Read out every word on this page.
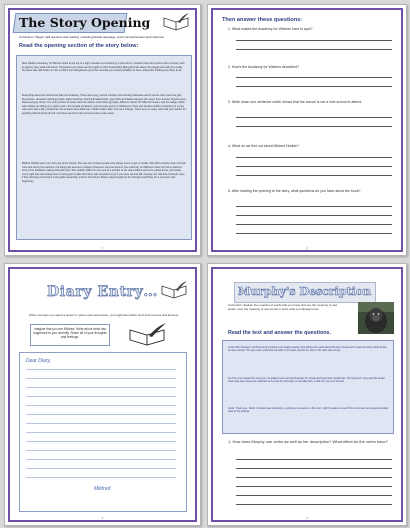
The Story Opening
Curriculum: Target: skill question and reading, including literate language, texts comprehension and inference.
Read the opening section of the story below:
Miss Cackle's Academy for Witches stood at the top of a high mountain surrounded by a pine forest. It looked more like a prison than a school, with its gloomy grey walls and turrets. Sometimes you could see the pupils on their broomsticks flitting like bats above the playground wall, but usually the place was half hidden in mist so that if you had glanced up at the mountain you would probably not have noticed the building was there at all.
Everything about the school was dark and shadowy. There were long, narrow corridors and winding staircases and of course there were the girls themselves, dressed in black gymslips, black stockings, black hobnailed boots, grey shirts and black-and-grey ties. Even their summer dresses were black-and-grey check. The only touches of colour were the sashes round their gymslips, different colours for different houses, and the badge, which was a black cat sitting on a yellow moon. For special occasions, such as prize-giving or Hallowe'en, there was another uniform consisting of a long robe worn with a tall, pointed hat, but as these were black too, it didn't really make much of a change. There were so many rules that you couldn't do anything without being told off, and there seemed to be test and exams every week.
Mildred Hubble was in her first year at the school. She was one of those people who always seem to get in trouble. She didn't exactly mean to break rules and annoy the teachers, but things just seemed to happen whenever she was around. You could rely on Mildred to have her hat on back-to-front or her bootlaces trailing along the floor. She couldn't walk from one end of a corridor to the other without someone yelling at her, and nearly every night she was writing lines or being kept in after their there was anywhere to go if you were sat and still. Anyway, she had lots of friends, even if they did keep themselves in the gallon assembly, and her best friend, Maud, stayed loyally by her through everything, for a new term was beginning.
1
Then answer these questions:
1. What makes the Academy for Witches hard to spot?
2. How's the Academy for Witches described?
3. Write down one sentence which shows that the school is not a nice school to attend.
4. What do we find out about Mildred Hubble?
5. After reading the opening to the story, what questions do you have about the book?
2
Diary Entry…
When we have you spent a lesson in green and new lesson, you might feel rather tired and nervous and anxious.
Imagine that you are Mildred. Write about what has happened to you recently. Share all of your thoughts and feelings.
Dear Diary,
Mildred
3
Murphy's Description
Curriculum: Explain the meaning of words that you know and use the meaning of new words. Give the meaning of new words or work what you already know.
Read the text and answer the questions.
It was Miss Rosbey's old friend and it looked more alright exactly. Something was quite about Murphy's head and it made him look a little bit like he was outside. His eyes were small and sat wide in his head, and his fur was on the dark side on top.
As if the room waited for everyone, he walked over and stood beside her slowly and leant down beside her. His long arms hung and his broad chest was bare. Everyone watched as he took his first steps on the little path, a little bit unsure of himself.
Good. Thank you. Weird. Knocked was wondering. Looking at a creature in the room: which creature moved? No one knew, but everyone looked back at the window.
1. How does Murphy use verbs as well as her description? What effect do the verbs have?
4
